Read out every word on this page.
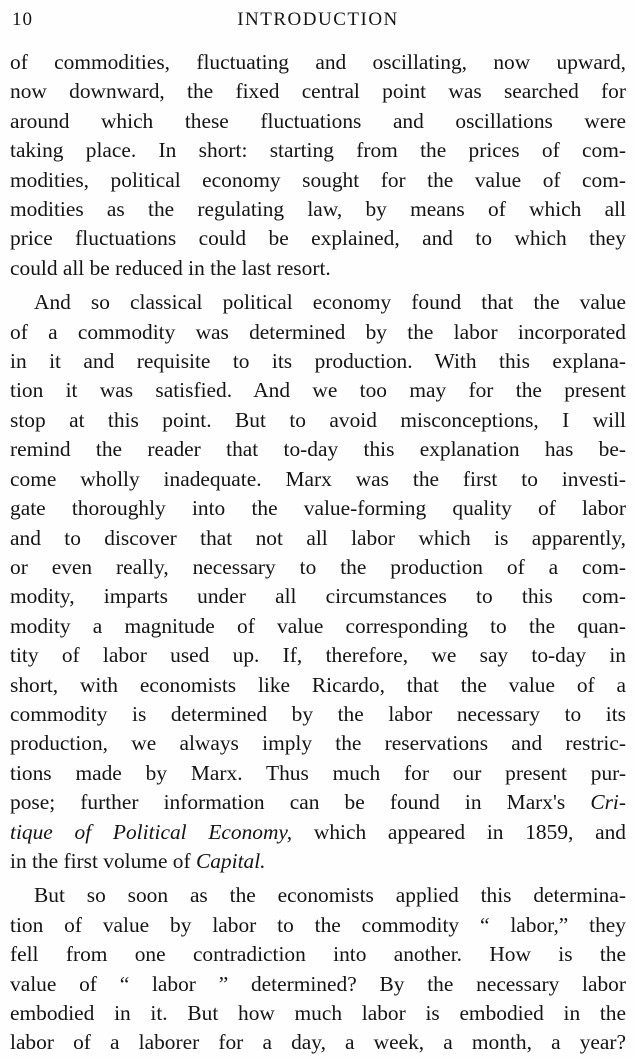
10	INTRODUCTION
of commodities, fluctuating and oscillating, now upward,
now downward, the fixed central point was searched for
around which these fluctuations and oscillations were
taking place. In short: starting from the prices of com-
modities, political economy sought for the value of com-
modities as the regulating law, by means of which all
price fluctuations could be explained, and to which they
could all be reduced in the last resort.
And so classical political economy found that the value
of a commodity was determined by the labor incorporated
in it and requisite to its production. With this explana-
tion it was satisfied. And we too may for the present
stop at this point. But to avoid misconceptions, I will
remind the reader that to-day this explanation has be-
come wholly inadequate. Marx was the first to investi-
gate thoroughly into the value-forming quality of labor
and to discover that not all labor which is apparently,
or even really, necessary to the production of a com-
modity, imparts under all circumstances to this com-
modity a magnitude of value corresponding to the quan-
tity of labor used up. If, therefore, we say to-day in
short, with economists like Ricardo, that the value of a
commodity is determined by the labor necessary to its
production, we always imply the reservations and restric-
tions made by Marx. Thus much for our present pur-
pose; further information can be found in Marx's Cri-
tique of Political Economy, which appeared in 1859, and
in the first volume of Capital.
But so soon as the economists applied this determina-
tion of value by labor to the commodity “ labor,” they
fell from one contradiction into another. How is the
value of “ labor ” determined? By the necessary labor
embodied in it. But how much labor is embodied in the
labor of a laborer for a day, a week, a month, a year?
